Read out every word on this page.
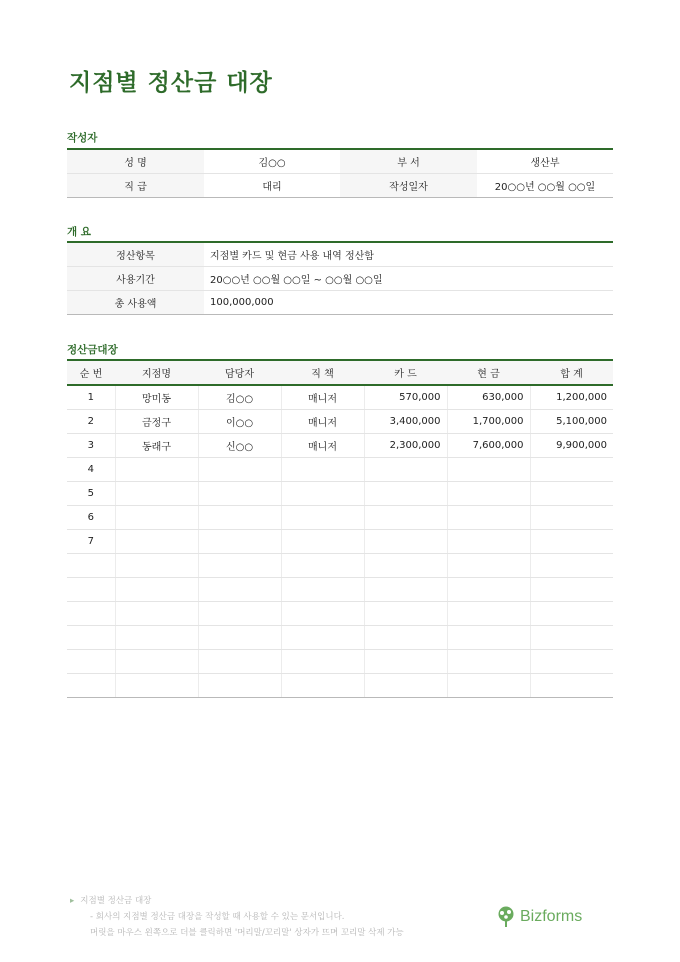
지점별 정산금 대장
작성자
성 명	김○○	부 서	생산부
직 급	대리	작성일자	20○○년 ○○월 ○○일
개 요
정산항목	지점별 카드 및 현금 사용 내역 정산함
사용기간	20○○년 ○○월 ○○일 ~ ○○월 ○○일
총 사용액	100,000,000
정산금대장
순 번	지점명	담당자	직 책	카 드	현 금	합 계
1	망미동	김○○	매니저	570,000	630,000	1,200,000
2	금정구	이○○	매니저	3,400,000	1,700,000	5,100,000
3	동래구	신○○	매니저	2,300,000	7,600,000	9,900,000
4						
5						
6						
7						

▸ 지점별 정산금 대장
- 회사의 지점별 정산금 대장을 작성할 때 사용할 수 있는 문서입니다.
머릿을 마우스 왼쪽으로 더블 클릭하면 '머리말/꼬리말' 상자가 뜨며 꼬리말 삭제 가능
Bizforms
